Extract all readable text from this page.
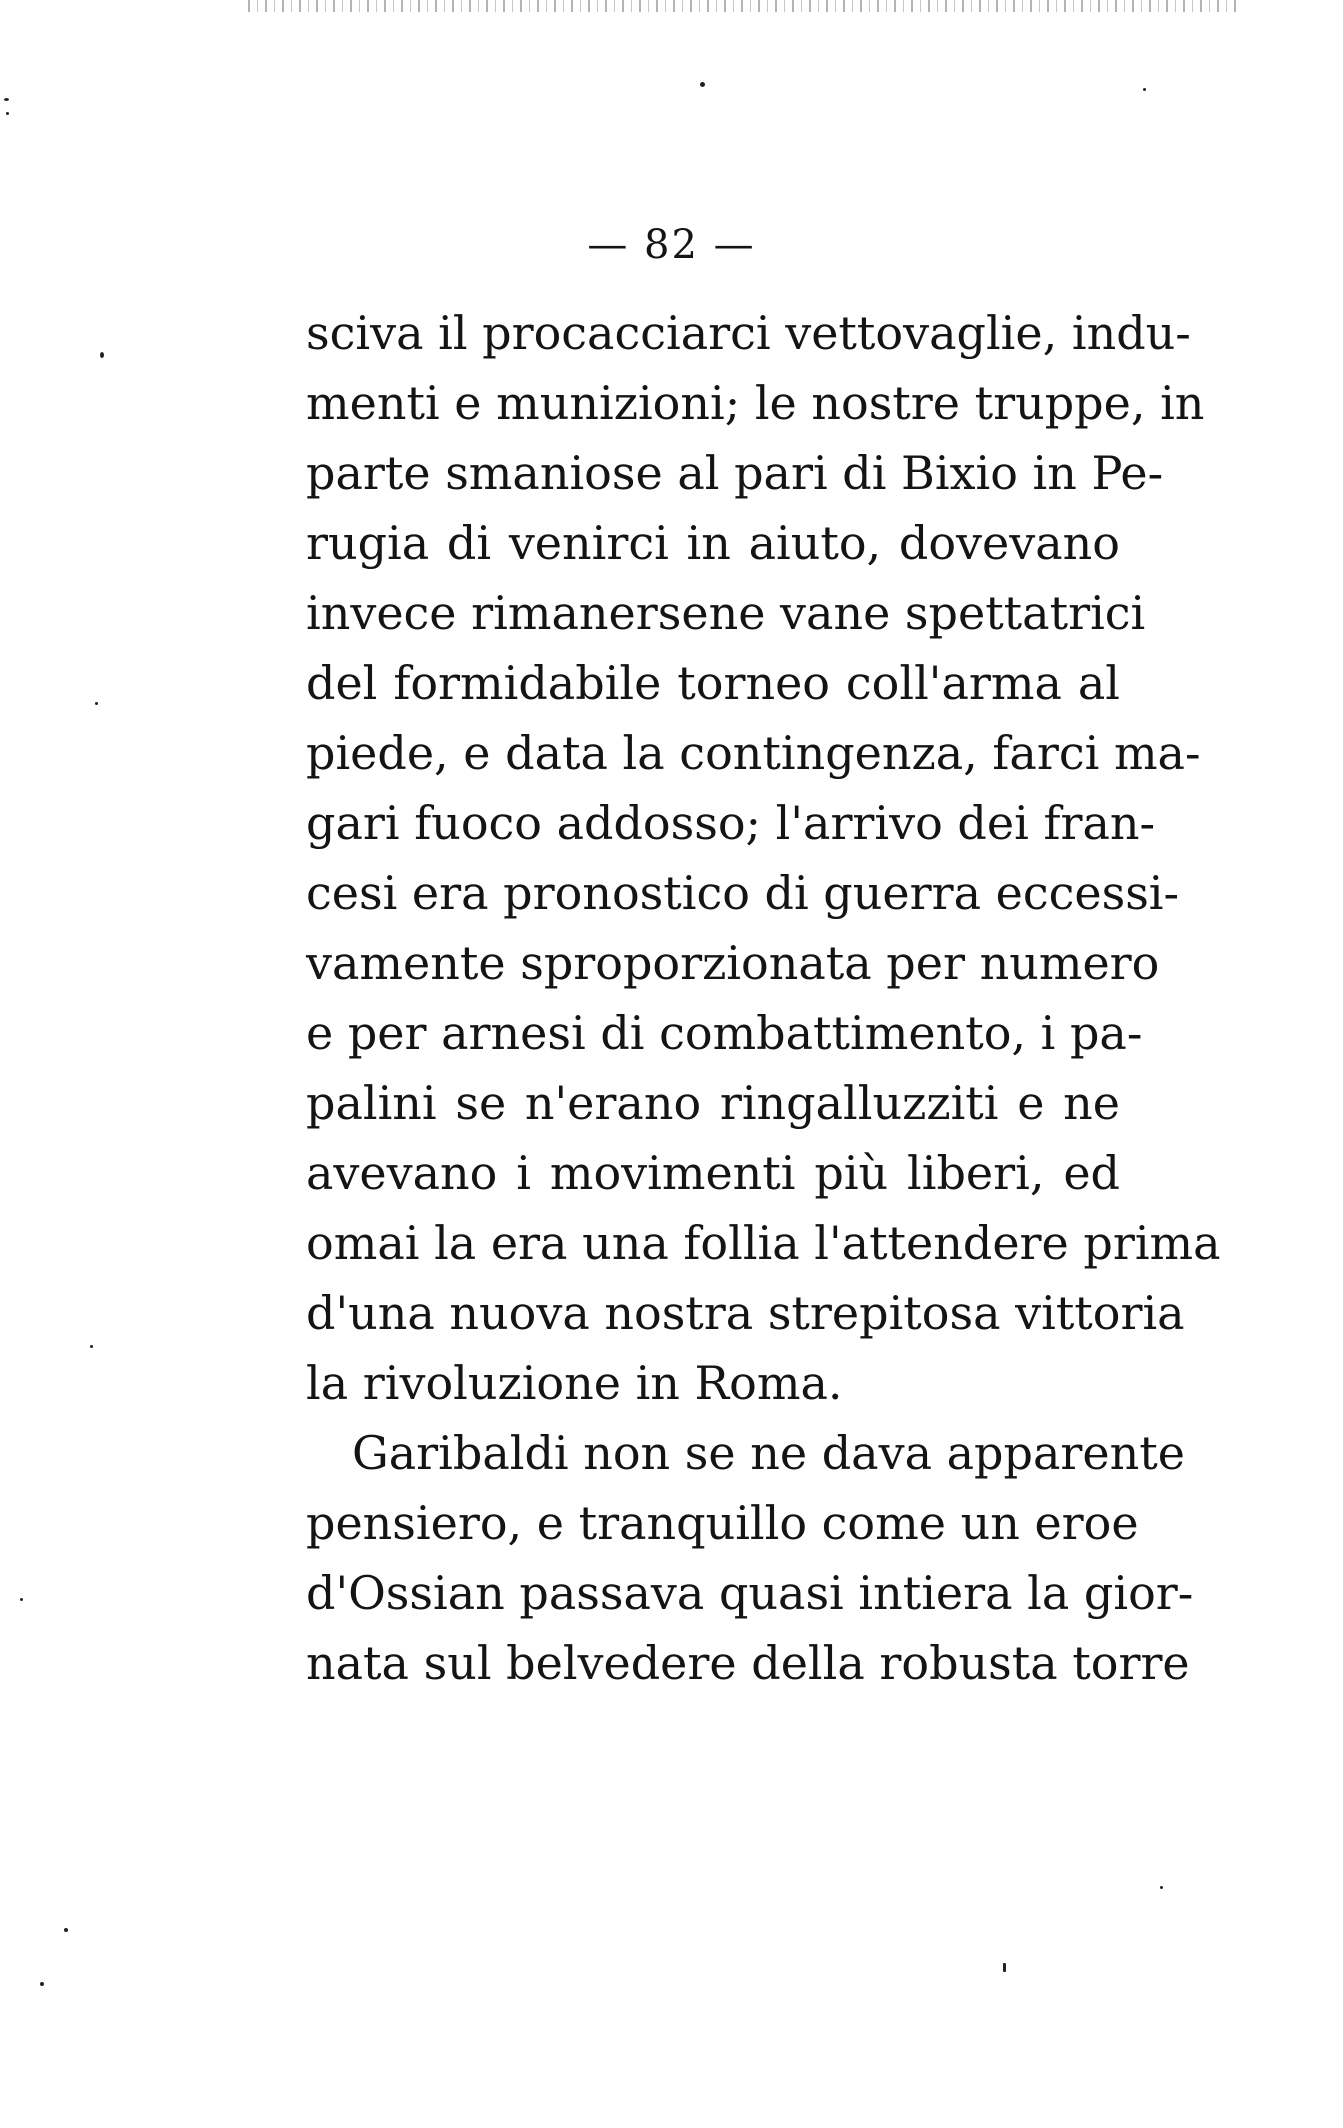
— 82 —
sciva il procacciarci vettovaglie, indu-
menti e munizioni; le nostre truppe, in
parte smaniose al pari di Bixio in Pe-
rugia di venirci in aiuto, dovevano
invece rimanersene vane spettatrici
del formidabile torneo coll'arma al
piede, e data la contingenza, farci ma-
gari fuoco addosso; l'arrivo dei fran-
cesi era pronostico di guerra eccessi-
vamente sproporzionata per numero
e per arnesi di combattimento, i pa-
palini se n'erano ringalluzziti e ne
avevano i movimenti più liberi, ed
omai la era una follia l'attendere prima
d'una nuova nostra strepitosa vittoria
la rivoluzione in Roma.
Garibaldi non se ne dava apparente
pensiero, e tranquillo come un eroe
d'Ossian passava quasi intiera la gior-
nata sul belvedere della robusta torre
